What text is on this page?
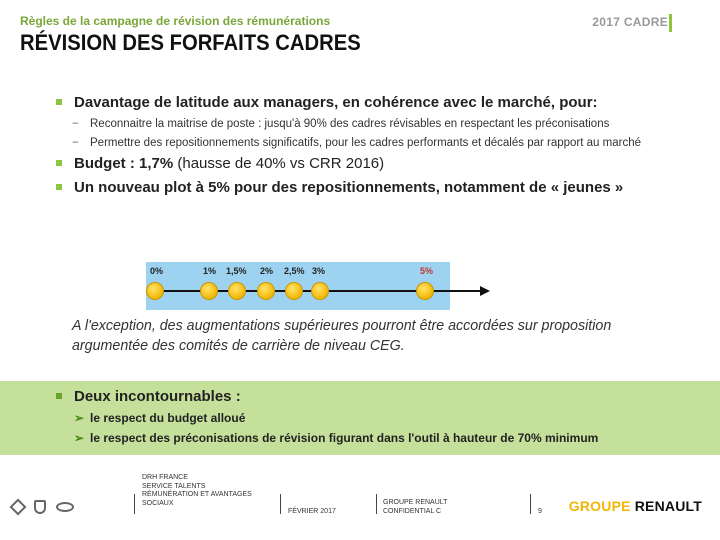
Règles de la campagne de révision des rémunérations	2017 CADRE
RÉVISION DES FORFAITS CADRES
Davantage de latitude aux managers, en cohérence avec le marché, pour:
− Reconnaitre la maitrise de poste : jusqu'à 90% des cadres révisables en respectant les préconisations
− Permettre des repositionnements significatifs, pour les cadres performants et décalés par rapport au marché
Budget : 1,7% (hausse de 40% vs CRR 2016)
Un nouveau plot à 5% pour des repositionnements, notamment de « jeunes »
0%	1% 1,5% 2% 2,5% 3%	5%
A l'exception, des augmentations supérieures pourront être accordées sur proposition argumentée des comités de carrière de niveau CEG.
Deux incontournables :
➢ le respect du budget alloué
➢ le respect des préconisations de révision figurant dans l'outil à hauteur de 70% minimum
DRH FRANCE
SERVICE TALENTS
RÉMUNÉRATION ET AVANTAGES
SOCIAUX
FÉVRIER 2017
GROUPE RENAULT
CONFIDENTIAL C	9 GROUPE RENAULT
